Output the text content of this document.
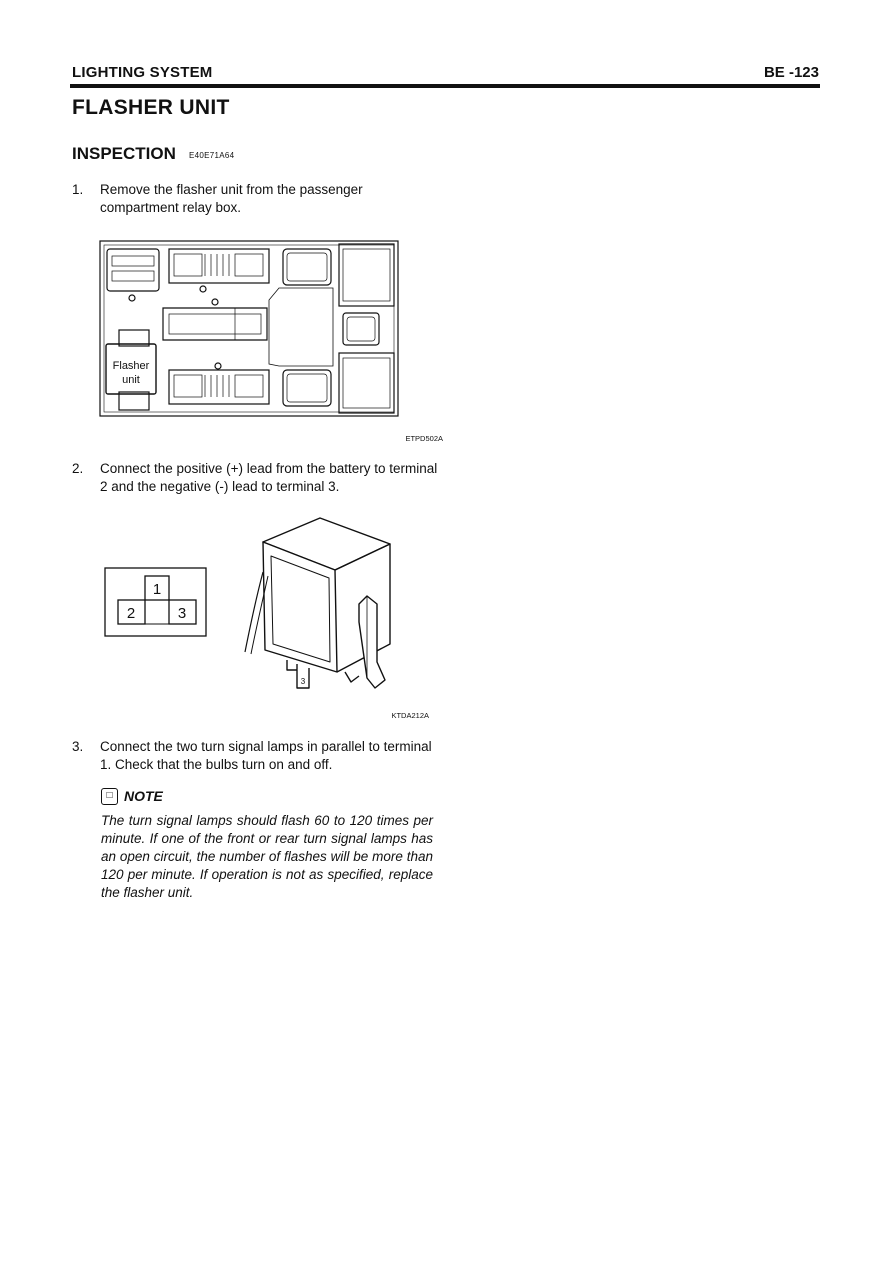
LIGHTING SYSTEM	BE -123
FLASHER UNIT
INSPECTION E40E71A64
1. Remove the flasher unit from the passenger compartment relay box.
Flasher
unit
ETPD502A
2. Connect the positive (+) lead from the battery to terminal 2 and the negative (-) lead to terminal 3.
1
2	3
3
KTDA212A
3. Connect the two turn signal lamps in parallel to terminal 1. Check that the bulbs turn on and off.
□ NOTE
The turn signal lamps should flash 60 to 120 times per minute. If one of the front or rear turn signal lamps has an open circuit, the number of flashes will be more than 120 per minute. If operation is not as specified, replace the flasher unit.
